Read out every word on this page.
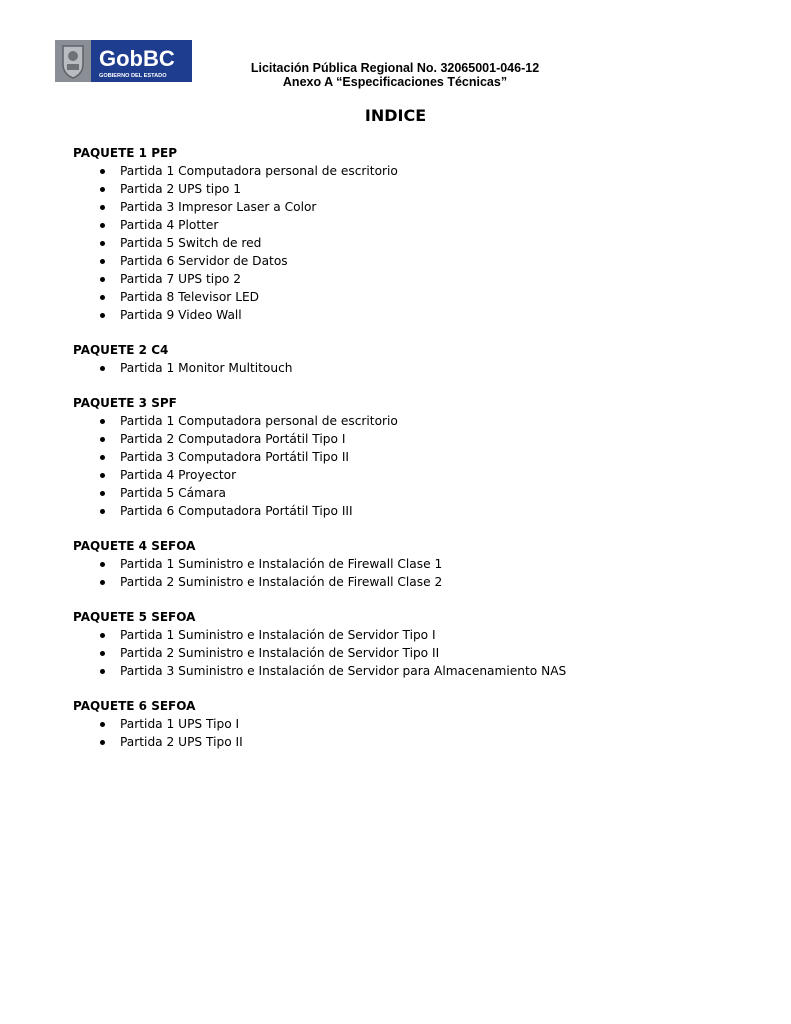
GobBC
GOBIERNO DEL ESTADO
Licitación Pública Regional No. 32065001-046-12
Anexo A “Especificaciones Técnicas”
INDICE
PAQUETE 1 PEP
Partida 1 Computadora personal de escritorio
Partida 2 UPS tipo 1
Partida 3 Impresor Laser a Color
Partida 4 Plotter
Partida 5 Switch de red
Partida 6 Servidor de Datos
Partida 7 UPS tipo 2
Partida 8 Televisor LED
Partida 9 Video Wall
PAQUETE 2 C4
Partida 1 Monitor Multitouch
PAQUETE 3 SPF
Partida 1 Computadora personal de escritorio
Partida 2 Computadora Portátil Tipo I
Partida 3 Computadora Portátil Tipo II
Partida 4 Proyector
Partida 5 Cámara
Partida 6 Computadora Portátil Tipo III
PAQUETE 4 SEFOA
Partida 1 Suministro e Instalación de Firewall Clase 1
Partida 2 Suministro e Instalación de Firewall Clase 2
PAQUETE 5 SEFOA
Partida 1 Suministro e Instalación de Servidor Tipo I
Partida 2 Suministro e Instalación de Servidor Tipo II
Partida 3 Suministro e Instalación de Servidor para Almacenamiento NAS
PAQUETE 6 SEFOA
Partida 1 UPS Tipo I
Partida 2 UPS Tipo II
